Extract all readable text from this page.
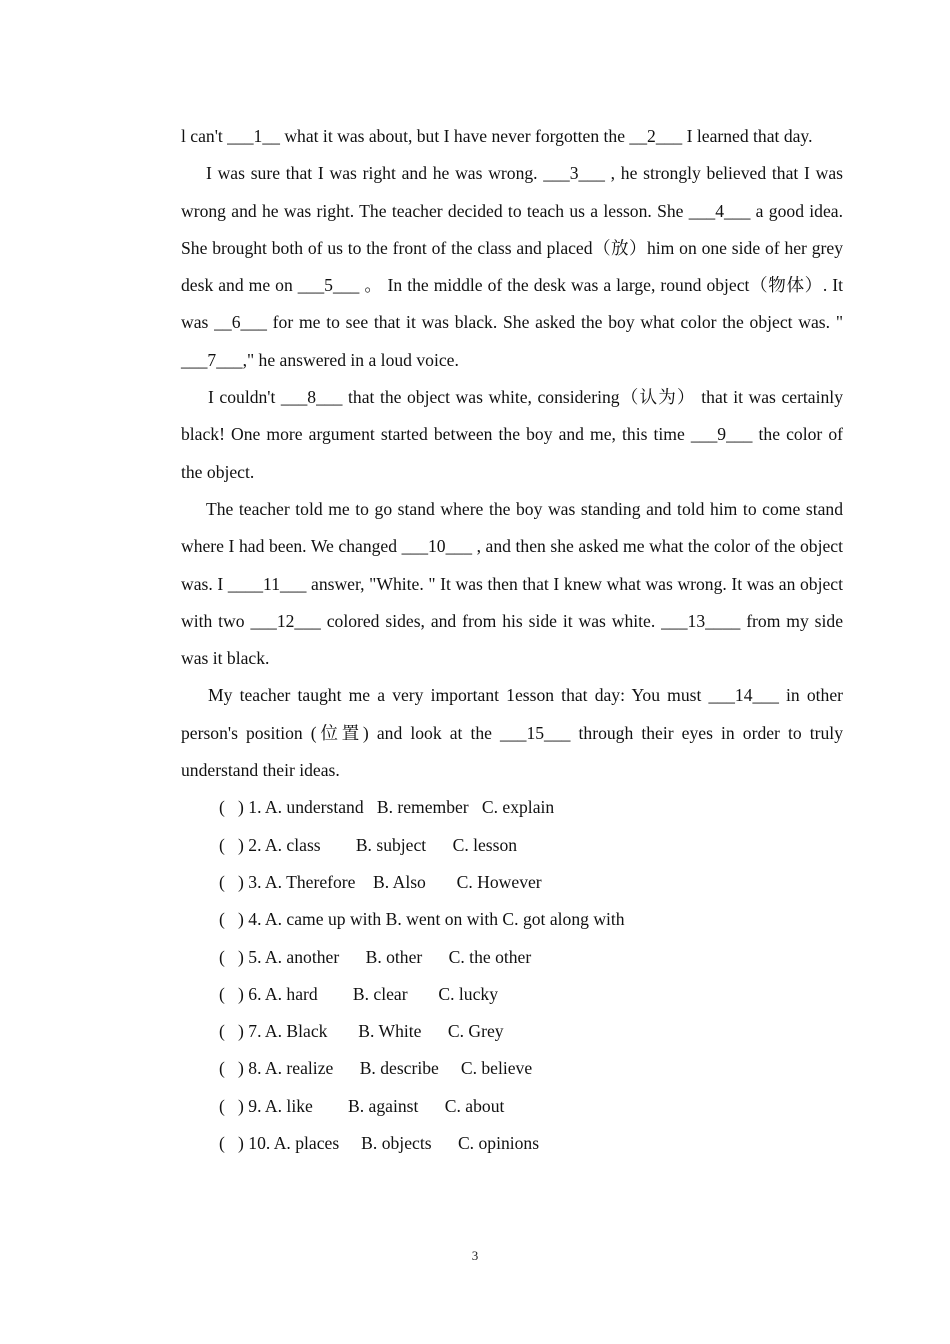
l can't ___1__ what it was about, but I have never forgotten the __2___ I learned that day.

I was sure that I was right and he was wrong. ___3___ , he strongly believed that I was wrong and he was right. The teacher decided to teach us a lesson. She ___4___ a good idea. She brought both of us to the front of the class and placed（放）him on one side of her grey desk and me on ___5___ 。 In the middle of the desk was a large, round object（物体）. It was __6___ for me to see that it was black. She asked the boy what color the object was. " ___7___," he answered in a loud voice.

I couldn't ___8___ that the object was white, considering（认为） that it was certainly black! One more argument started between the boy and me, this time ___9___ the color of the object.

The teacher told me to go stand where the boy was standing and told him to come stand where I had been. We changed ___10___ , and then she asked me what the color of the object was. I ____11___ answer, "White. " It was then that I knew what was wrong. It was an object with two ___12___ colored sides, and from his side it was white. ___13____ from my side was it black.

My teacher taught me a very important 1esson that day: You must ___14___ in other person's position (位置) and look at the ___15___ through their eyes in order to truly understand their ideas.

(   ) 1. A. understand   B. remember   C. explain
(   ) 2. A. class        B. subject      C. lesson
(   ) 3. A. Therefore    B. Also       C. However
(   ) 4. A. came up with B. went on with C. got along with
(   ) 5. A. another      B. other      C. the other
(   ) 6. A. hard        B. clear       C. lucky
(   ) 7. A. Black       B. White      C. Grey
(   ) 8. A. realize      B. describe     C. believe
(   ) 9. A. like        B. against      C. about
(   ) 10. A. places     B. objects      C. opinions
3
